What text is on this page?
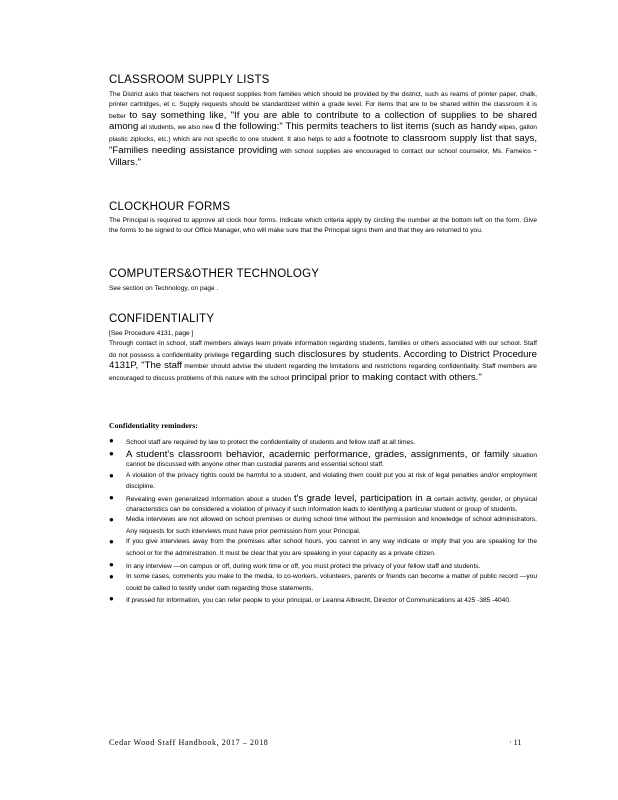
CLASSROOM SUPPLY LISTS
The District asks that teachers not request supplies from families which should be provided by the district, such as reams of printer paper, chalk, printer cartridges, et c. Supply requests should be standardized within a grade level. For items that are to be shared within the classroom it is better to say something like, "If you are able to contribute to a collection of supplies to be shared among all students, we also nee d the following:" This permits teachers to list items (such as handy wipes, gallon plastic ziplocks, etc.) which are not specific to one student. It also helps to add a footnote to classroom supply list that says, "Families needing assistance providing with school supplies are encouraged to contact our school counselor, Ms. Fameios - Villars."
CLOCKHOUR FORMS
The Principal is required to approve all clock hour forms. Indicate which criteria apply by circling the number at the bottom left on the form. Give the forms to be signed to our Office Manager, who will make sure that the Principal signs them and that they are returned to you.
COMPUTERS&OTHER TECHNOLOGY
See section on Technology, on page .
CONFIDENTIALITY
[See Procedure 4131, page ]
Through contact in school, staff members always learn private information regarding students, families or others associated with our school. Staff do not possess a confidentiality privilege regarding such disclosures by students. According to District Procedure 4131P, "The staff member should advise the student regarding the limitations and restrictions regarding confidentiality. Staff members are encouraged to discuss problems of this nature with the school principal prior to making contact with others."
Confidentiality reminders:
● School staff are required by law to protect the confidentiality of students and fellow staff at all times.
● A student's classroom behavior, academic performance, grades, assignments, or family situation cannot be discussed with anyone other than custodial parents and essential school staff.
● A violation of the privacy rights could be harmful to a student, and violating them could put you at risk of legal penalties and/or employment discipline.
● Revealing even generalized information about a studen t's grade level, participation in a certain activity, gender, or physical characteristics can be considered a violation of privacy if such information leads to identifying a particular student or group of students.
● Media interviews are not allowed on school premises or during school time without the permission and knowledge of school administrators. Any requests for such interviews must have prior permission from your Principal.
● If you give interviews away from the premises after school hours, you cannot in any way indicate or imply that you are speaking for the school or for the administration. It must be clear that you are speaking in your capacity as a private citizen.
● In any interview —on campus or off, during work time or off, you must protect the privacy of your fellow staff and students.
● In some cases, comments you make to the media, to co-workers, volunteers, parents or friends can become a matter of public record —you could be called to testify under oath regarding those statements.
● If pressed for information, you can refer people to your principal, or Leanna Albrecht, Director of Communications at 425 -385 -4040.
Cedar Wood Staff Handbook, 2017 – 2018	· 11
